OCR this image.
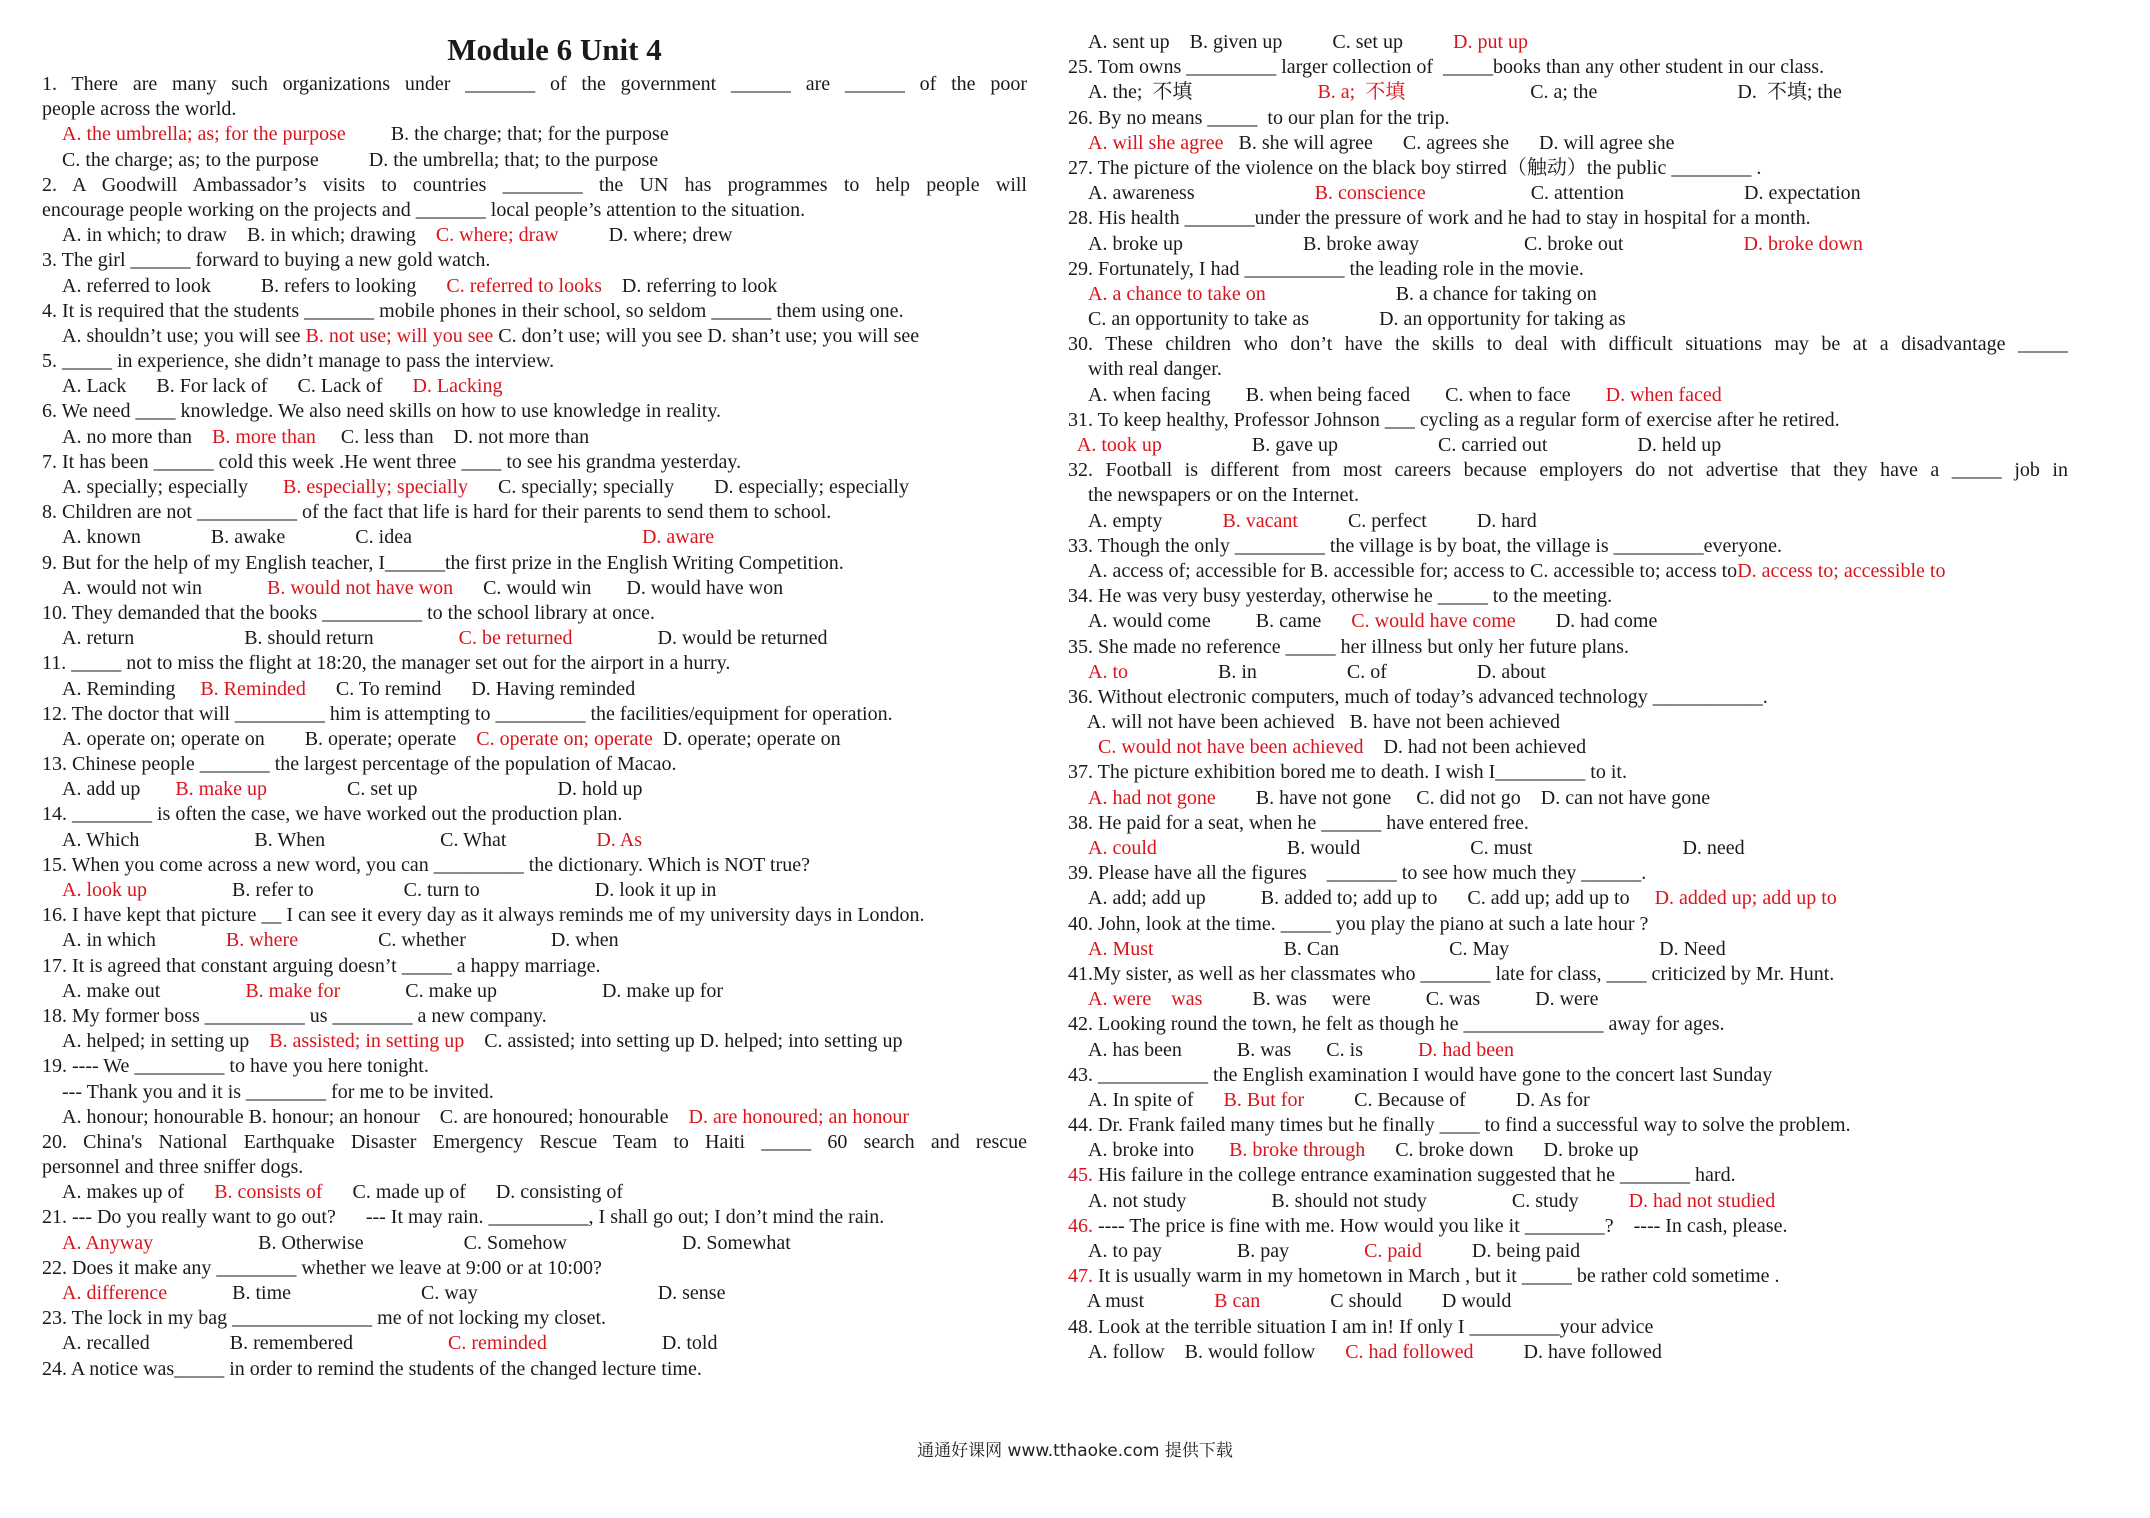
Module 6 Unit 4
1. There are many such organizations under _______ of the government ______ are ______ of the poor
people across the world.
A. the umbrella; as; for the purpose         B. the charge; that; for the purpose
C. the charge; as; to the purpose          D. the umbrella; that; to the purpose
2. A Goodwill Ambassador’s visits to countries ________ the UN has programmes to help people will
encourage people working on the projects and _______ local people’s attention to the situation.
A. in which; to draw    B. in which; drawing    C. where; draw          D. where; drew
3. The girl ______ forward to buying a new gold watch.
A. referred to look          B. refers to looking      C. referred to looks    D. referring to look
4. It is required that the students _______ mobile phones in their school, so seldom ______ them using one.
A. shouldn’t use; you will see B. not use; will you see C. don’t use; will you see D. shan’t use; you will see
5. _____ in experience, she didn’t manage to pass the interview.
A. Lack      B. For lack of      C. Lack of      D. Lacking
6. We need ____ knowledge. We also need skills on how to use knowledge in reality.
A. no more than    B. more than     C. less than    D. not more than
7. It has been ______ cold this week .He went three ____ to see his grandma yesterday.
A. specially; especially       B. especially; specially      C. specially; specially        D. especially; especially
8. Children are not __________ of the fact that life is hard for their parents to send them to school.
A. known              B. awake              C. idea                                              D. aware
9. But for the help of my English teacher, I______the first prize in the English Writing Competition.
A. would not win             B. would not have won      C. would win       D. would have won
10. They demanded that the books __________ to the school library at once.
A. return                      B. should return                 C. be returned                 D. would be returned
11. _____ not to miss the flight at 18:20, the manager set out for the airport in a hurry.
A. Reminding     B. Reminded      C. To remind      D. Having reminded
12. The doctor that will _________ him is attempting to _________ the facilities/equipment for operation.
A. operate on; operate on        B. operate; operate    C. operate on; operate  D. operate; operate on
13. Chinese people _______ the largest percentage of the population of Macao.
A. add up       B. make up                C. set up                            D. hold up
14. ________ is often the case, we have worked out the production plan.
A. Which                       B. When                       C. What                  D. As
15. When you come across a new word, you can _________ the dictionary. Which is NOT true?
A. look up                 B. refer to                  C. turn to                       D. look it up in
16. I have kept that picture __ I can see it every day as it always reminds me of my university days in London.
A. in which              B. where                C. whether                 D. when
17. It is agreed that constant arguing doesn’t _____ a happy marriage.
A. make out                 B. make for             C. make up                     D. make up for
18. My former boss __________ us ________ a new company.
A. helped; in setting up    B. assisted; in setting up    C. assisted; into setting up D. helped; into setting up
19. ---- We _________ to have you here tonight.
--- Thank you and it is ________ for me to be invited.
A. honour; honourable B. honour; an honour    C. are honoured; honourable    D. are honoured; an honour
20. China's National Earthquake Disaster Emergency Rescue Team to Haiti _____ 60 search and rescue
personnel and three sniffer dogs.
A. makes up of      B. consists of      C. made up of      D. consisting of
21. --- Do you really want to go out?      --- It may rain. __________, I shall go out; I don’t mind the rain.
A. Anyway                     B. Otherwise                    C. Somehow                       D. Somewhat
22. Does it make any ________ whether we leave at 9:00 or at 10:00?
A. difference             B. time                          C. way                                    D. sense
23. The lock in my bag ______________ me of not locking my closet.
A. recalled                B. remembered                   C. reminded                       D. told
24. A notice was_____ in order to remind the students of the changed lecture time.
A. sent up    B. given up          C. set up          D. put up
25. Tom owns _________ larger collection of  _____books than any other student in our class.
A. the;  不填                         B. a;  不填                         C. a; the                            D.  不填; the
26. By no means _____  to our plan for the trip.
A. will she agree   B. she will agree      C. agrees she      D. will agree she
27. The picture of the violence on the black boy stirred（触动）the public ________ .
A. awareness                        B. conscience                     C. attention                        D. expectation
28. His health _______under the pressure of work and he had to stay in hospital for a month.
A. broke up                        B. broke away                     C. broke out                        D. broke down
29. Fortunately, I had __________ the leading role in the movie.
A. a chance to take on                          B. a chance for taking on
C. an opportunity to take as              D. an opportunity for taking as
30. These children who don’t have the skills to deal with difficult situations may be at a disadvantage _____
with real danger.
A. when facing       B. when being faced       C. when to face       D. when faced
31. To keep healthy, Professor Johnson ___ cycling as a regular form of exercise after he retired.
A. took up                  B. gave up                    C. carried out                  D. held up
32. Football is different from most careers because employers do not advertise that they have a _____ job in
the newspapers or on the Internet.
A. empty            B. vacant          C. perfect          D. hard
33. Though the only _________ the village is by boat, the village is _________everyone.
A. access of; accessible for B. accessible for; access to C. accessible to; access toD. access to; accessible to
34. He was very busy yesterday, otherwise he _____ to the meeting.
A. would come         B. came      C. would have come        D. had come
35. She made no reference _____ her illness but only her future plans.
A. to                  B. in                  C. of                  D. about
36. Without electronic computers, much of today’s advanced technology ___________.
A. will not have been achieved   B. have not been achieved
C. would not have been achieved    D. had not been achieved
37. The picture exhibition bored me to death. I wish I_________ to it.
A. had not gone        B. have not gone     C. did not go    D. can not have gone
38. He paid for a seat, when he ______ have entered free.
A. could                          B. would                      C. must                              D. need
39. Please have all the figures    _______ to see how much they ______.
A. add; add up           B. added to; add up to      C. add up; add up to     D. added up; add up to
40. John, look at the time. _____ you play the piano at such a late hour ?
A. Must                          B. Can                      C. May                              D. Need
41.My sister, as well as her classmates who _______ late for class, ____ criticized by Mr. Hunt.
A. were    was          B. was     were           C. was           D. were
42. Looking round the town, he felt as though he ______________ away for ages.
A. has been           B. was       C. is           D. had been
43. ___________ the English examination I would have gone to the concert last Sunday
A. In spite of      B. But for          C. Because of          D. As for
44. Dr. Frank failed many times but he finally ____ to find a successful way to solve the problem.
A. broke into       B. broke through      C. broke down      D. broke up
45. His failure in the college entrance examination suggested that he _______ hard.
A. not study                 B. should not study                 C. study          D. had not studied
46. ---- The price is fine with me. How would you like it ________?    ---- In cash, please.
A. to pay               B. pay               C. paid          D. being paid
47. It is usually warm in my hometown in March , but it _____ be rather cold sometime .
A must              B can              C should        D would
48. Look at the terrible situation I am in! If only I _________your advice
A. follow    B. would follow      C. had followed          D. have followed
通通好课网 www.tthaoke.com 提供下载
